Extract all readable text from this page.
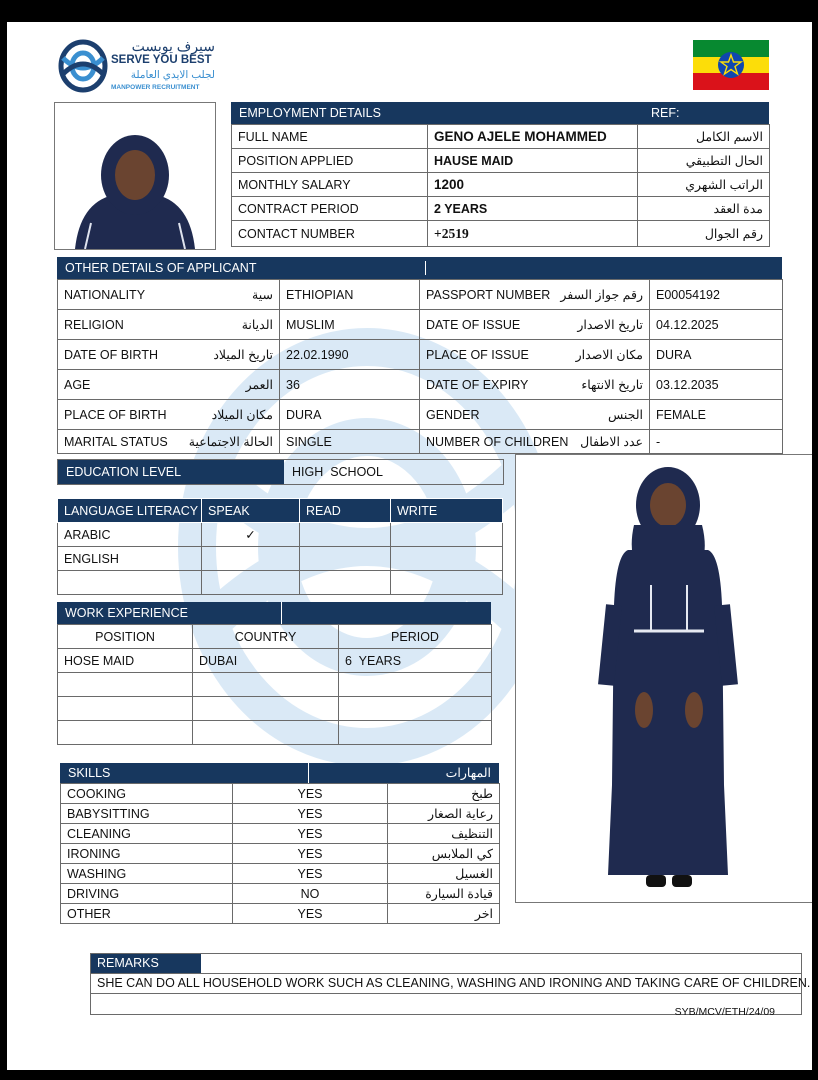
سيرف يوبست
SERVE YOU BEST
لجلب الايدي العاملة
MANPOWER RECRUITMENT
EMPLOYMENT DETAILS	REF:
FULL NAME	GENO AJELE MOHAMMED	الاسم الكامل
POSITION APPLIED	HAUSE MAID	الحال التطبيقي
MONTHLY SALARY	1200	الراتب الشهري
CONTRACT PERIOD	2 YEARS	مدة العقد
CONTACT NUMBER	+2519	رقم الجوال
OTHER DETAILS OF APPLICANT
NATIONALITY سية	ETHIOPIAN	PASSPORT NUMBER رقم جواز السفر	E00054192

RELIGION الديانة	MUSLIM	DATE OF ISSUE تاريخ الاصدار	04.12.2025

DATE OF BIRTH تاريخ الميلاد	22.02.1990	PLACE OF ISSUE مكان الاصدار	DURA

AGE العمر	36	DATE OF EXPIRY تاريخ الانتهاء	03.12.2035

PLACE OF BIRTH مكان الميلاد	DURA	GENDER الجنس	FEMALE

MARITAL STATUS الحالة الاجتماعية	SINGLE	NUMBER OF CHILDREN عدد الاطفال	-
EDUCATION LEVEL	HIGH  SCHOOL
LANGUAGE LITERACY	SPEAK	READ	WRITE
ARABIC	✓		
ENGLISH			

WORK EXPERIENCE
POSITION	COUNTRY	PERIOD
HOSE MAID	DUBAI	6  YEARS

SKILLS	المهارات
COOKING	YES	طبخ
BABYSITTING	YES	رعاية الصغار
CLEANING	YES	التنظيف
IRONING	YES	كي الملابس
WASHING	YES	الغسيل
DRIVING	NO	قيادة السيارة
OTHER	YES	اخر
REMARKS
SHE CAN DO ALL HOUSEHOLD WORK SUCH AS CLEANING, WASHING AND IRONING AND TAKING CARE OF CHILDREN.
SYB/MCV/ETH/24/09
